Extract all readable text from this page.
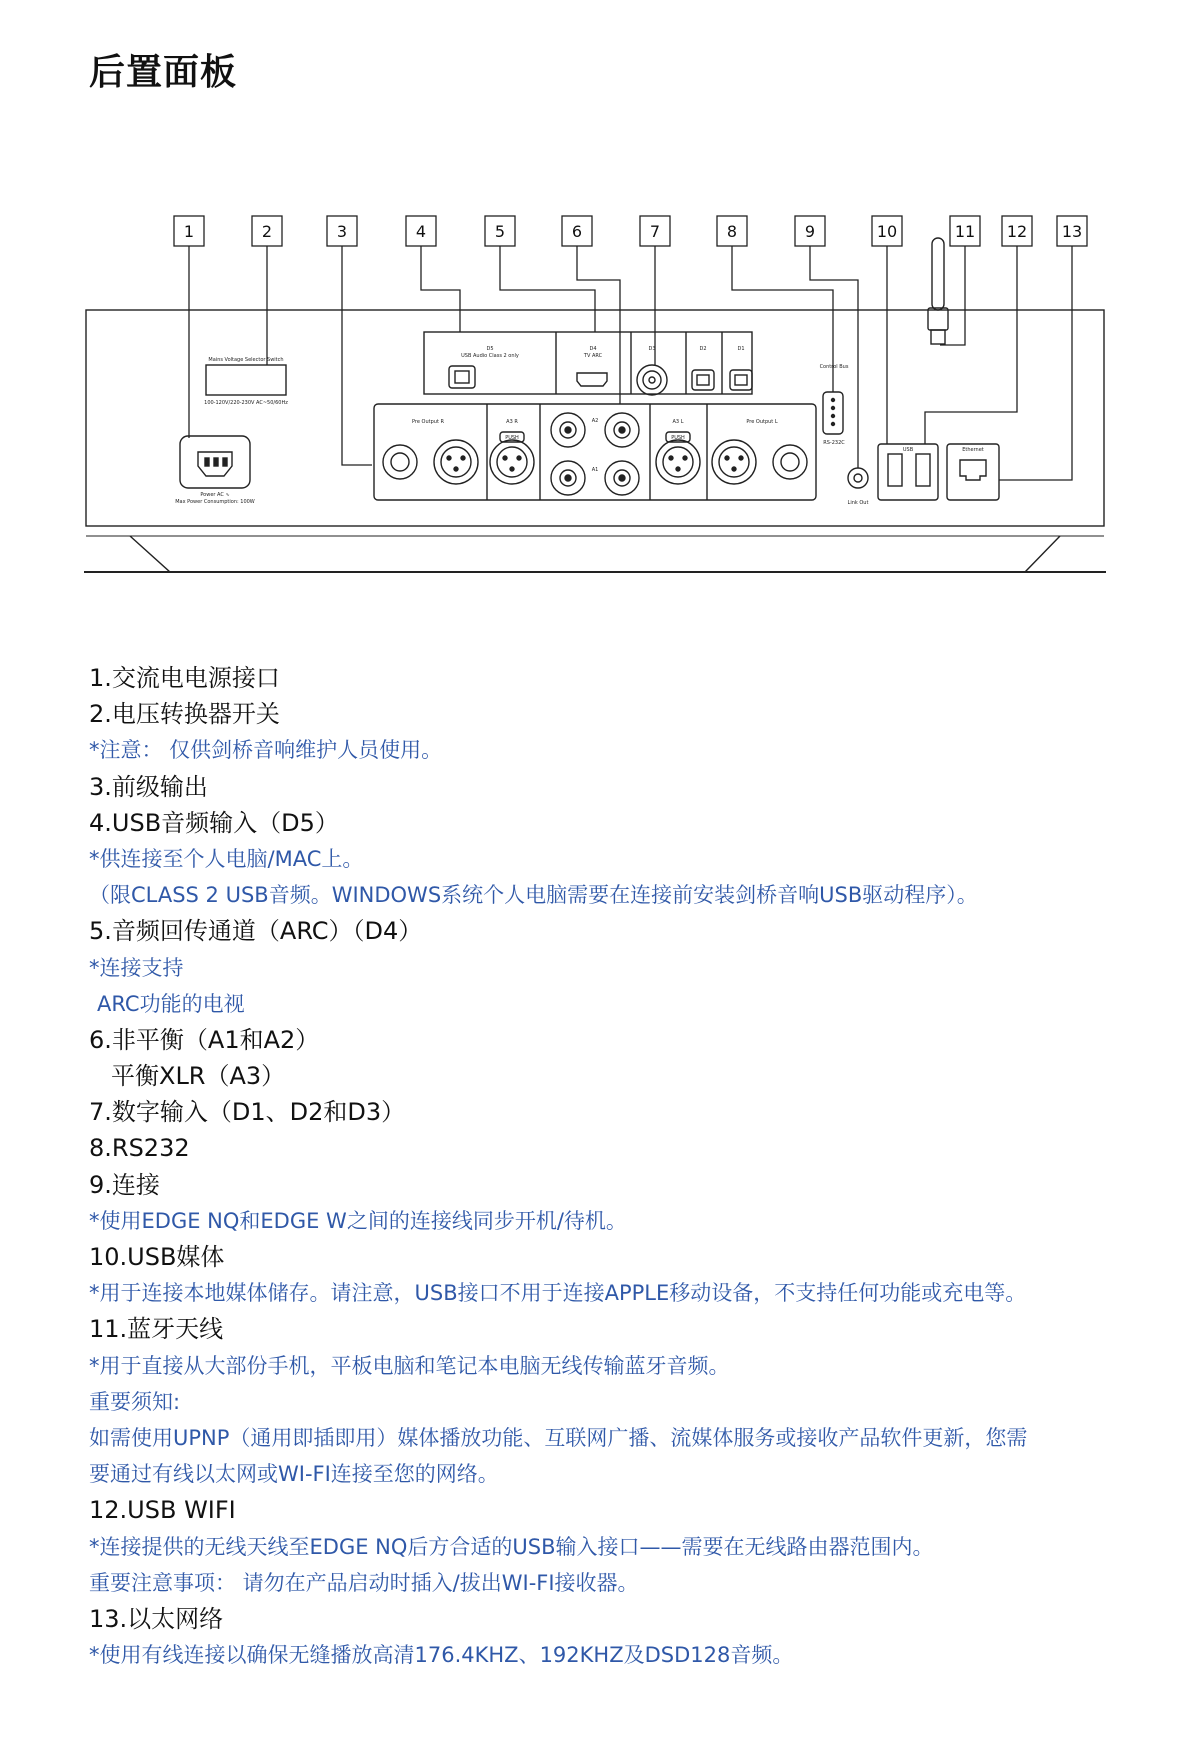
后置面板
1	2	3	4	5	6	7	8	9	10	11 12 13
Mains Voltage Selector Switch
100-120V/220-230V AC~50/60Hz
Power AC ∿
Max Power Consumption: 100W
D5
USB Audio Class 2 only
D4
TV ARC
D3	D2	D1
Pre Output R	A3 R
PUSH
A2
A1
A3 L
PUSH
Pre Output L
Control Bus
RS-232C
Link Out
USB	Ethernet
1.交流电电源接口
2.电压转换器开关
*注意： 仅供剑桥音响维护人员使用。
3.前级输出
4.USB音频输入（D5）
*供连接至个人电脑/MAC上。
（限CLASS 2 USB音频。WINDOWS系统个人电脑需要在连接前安装剑桥音响USB驱动程序）。
5.音频回传通道（ARC）（D4）
*连接支持
ARC功能的电视
6.非平衡（A1和A2）
平衡XLR（A3）
7.数字输入（D1、D2和D3）
8.RS232
9.连接
*使用EDGE NQ和EDGE W之间的连接线同步开机/待机。
10.USB媒体
*用于连接本地媒体储存。请注意，USB接口不用于连接APPLE移动设备，不支持任何功能或充电等。
11.蓝牙天线
*用于直接从大部份手机，平板电脑和笔记本电脑无线传输蓝牙音频。
重要须知:
如需使用UPNP（通用即插即用）媒体播放功能、互联网广播、流媒体服务或接收产品软件更新，您需
要通过有线以太网或WI-FI连接至您的网络。
12.USB WIFI
*连接提供的无线天线至EDGE NQ后方合适的USB输入接口——需要在无线路由器范围内。
重要注意事项： 请勿在产品启动时插入/拔出WI-FI接收器。
13.以太网络
*使用有线连接以确保无缝播放高清176.4KHZ、192KHZ及DSD128音频。
